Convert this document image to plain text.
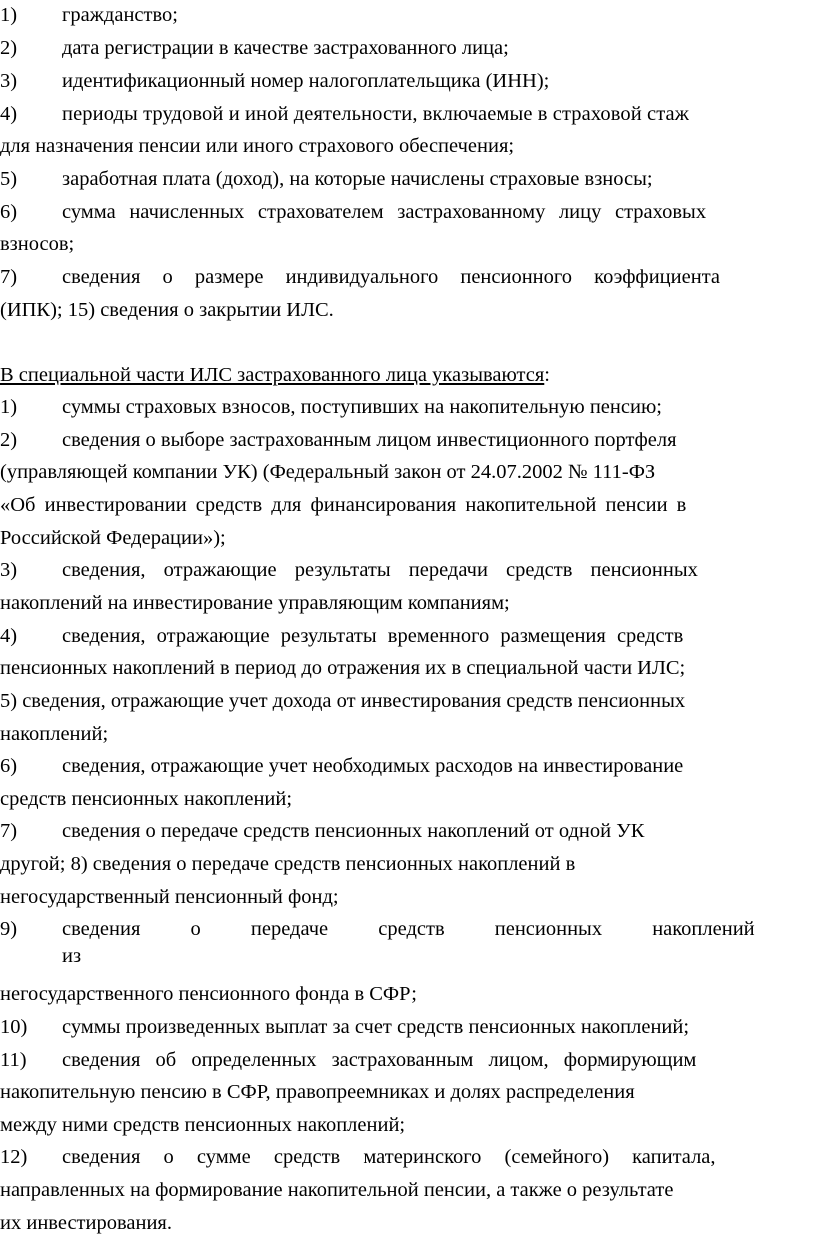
1) гражданство;
2) дата регистрации в качестве застрахованного лица;
3) идентификационный номер налогоплательщика (ИНН);
4)	периоды трудовой и иной деятельности, включаемые в страховой стаж
для назначения пенсии или иного страхового обеспечения;
5) заработная плата (доход), на которые начислены страховые взносы;
6)	сумма начисленных страхователем застрахованному лицу страховых
взносов;
7)	сведения о размере индивидуального пенсионного коэффициента
(ИПК); 15) сведения о закрытии ИЛС.
В специальной части ИЛС застрахованного лица указываются:
1) суммы страховых взносов, поступивших на накопительную пенсию;
2) сведения о выборе застрахованным лицом инвестиционного портфеля
(управляющей компании УК) (Федеральный закон от 24.07.2002 № 111-ФЗ
«Об инвестировании средств для финансирования накопительной пенсии в
Российской Федерации»);
3) сведения, отражающие результаты передачи средств пенсионных
накоплений на инвестирование управляющим компаниям;
4) сведения, отражающие результаты временного размещения средств
пенсионных накоплений в период до отражения их в специальной части ИЛС;
5) сведения, отражающие учет дохода от инвестирования средств пенсионных
накоплений;
6) сведения, отражающие учет необходимых расходов на инвестирование
средств пенсионных накоплений;
7) сведения о передаче средств пенсионных накоплений от одной УК
другой; 8) сведения о передаче средств пенсионных накоплений в
негосударственный пенсионный фонд;
9) сведения о передаче средств пенсионных накоплений
из
негосударственного пенсионного фонда в СФР;
10) суммы произведенных выплат за счет средств пенсионных накоплений;
11) сведения об определенных застрахованным лицом, формирующим
накопительную пенсию в СФР, правопреемниках и долях распределения
между ними средств пенсионных накоплений;
12) сведения о сумме средств материнского (семейного) капитала,
направленных на формирование накопительной пенсии, а также о результате
их инвестирования.
